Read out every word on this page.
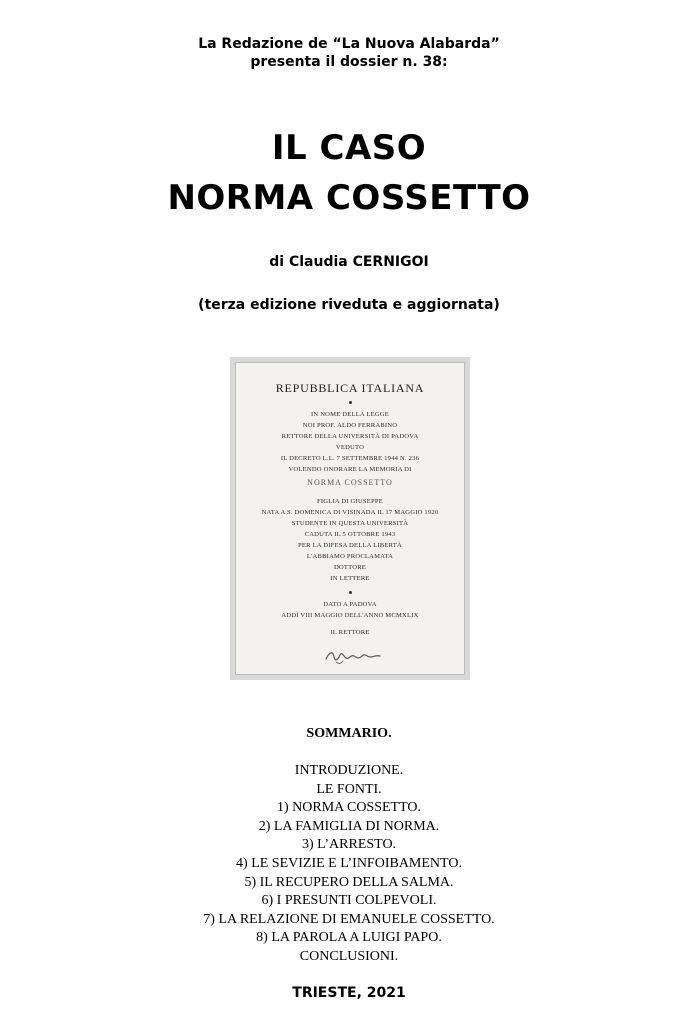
La Redazione de “La Nuova Alabarda”
presenta il dossier n. 38:
IL CASO
NORMA COSSETTO
di Claudia CERNIGOI
(terza edizione riveduta e aggiornata)
REPUBBLICA ITALIANA
IN NOME DELLA LEGGE
NOI PROF. ALDO FERRABINO
RETTORE DELLA UNIVERSITÀ DI PADOVA
VEDUTO
IL DECRETO L.L. 7 SETTEMBRE 1944 N. 236
VOLENDO ONORARE LA MEMORIA DI
NORMA COSSETTO
FIGLIA DI GIUSEPPE
NATA A S. DOMENICA DI VISINADA IL 17 MAGGIO 1920
STUDENTE IN QUESTA UNIVERSITÀ
CADUTA IL 5 OTTOBRE 1943
PER LA DIFESA DELLA LIBERTÀ
L'ABBIAMO PROCLAMATA
DOTTORE
IN LETTERE
DATO A PADOVA
ADDÌ VIII MAGGIO DELL'ANNO MCMXLIX
IL RETTORE
SOMMARIO.
INTRODUZIONE.
LE FONTI.
1) NORMA COSSETTO.
2) LA FAMIGLIA DI NORMA.
3) L’ARRESTO.
4) LE SEVIZIE E L’INFOIBAMENTO.
5) IL RECUPERO DELLA SALMA.
6) I PRESUNTI COLPEVOLI.
7) LA RELAZIONE DI EMANUELE COSSETTO.
8) LA PAROLA A LUIGI PAPO.
CONCLUSIONI.
TRIESTE, 2021
